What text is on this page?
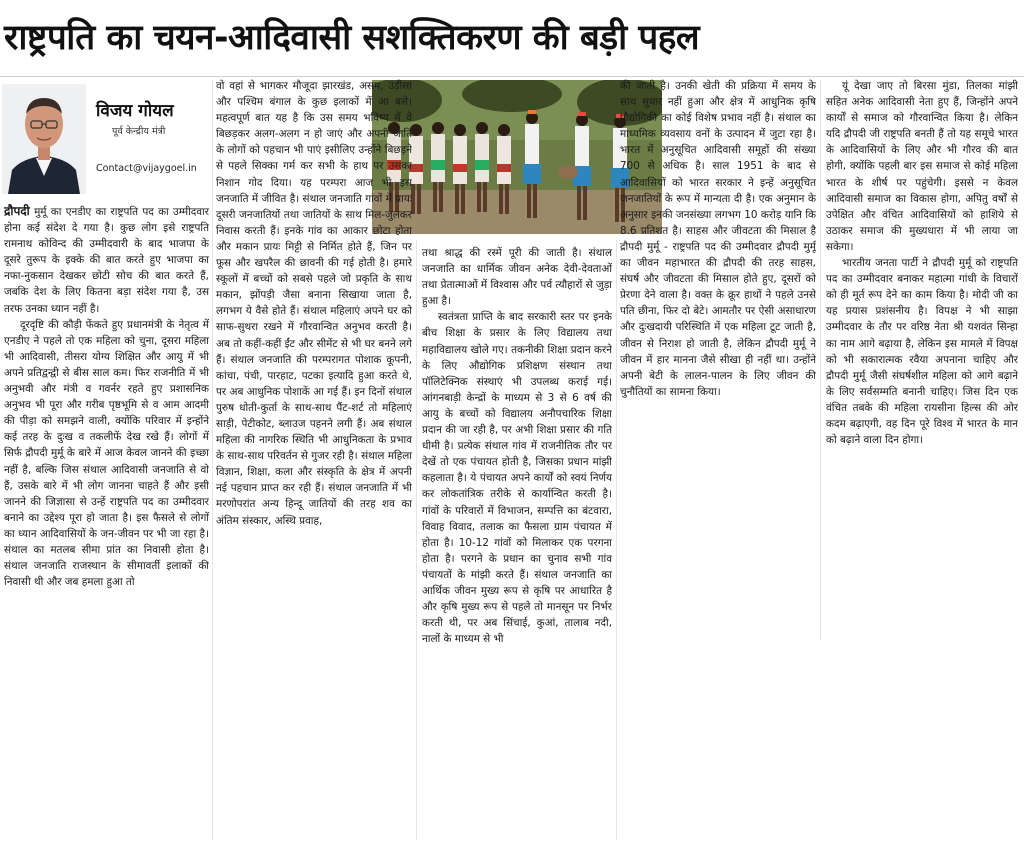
राष्ट्रपति का चयन-आदिवासी सशक्तिकरण की बड़ी पहल
विजय गोयल
पूर्व केन्द्रीय मंत्री
Contact@vijaygoel.in

द्रौपदी मुर्मू का एनडीए का राष्ट्रपति पद का उम्मीदवार होना कई संदेश दे गया है। कुछ लोग इसे राष्ट्रपति रामनाथ कोविन्द की उम्मीदवारी के बाद भाजपा के दूसरे तुरूप के इक्के की बात करते हुए भाजपा का नफा-नुकसान देखकर छोटी सोच की बात करते हैं, जबकि देश के लिए कितना बड़ा संदेश गया है, उस तरफ उनका ध्यान नहीं है।

दूरदृष्टि की कौड़ी फेंकते हुए प्रधानमंत्री के नेतृत्व में एनडीए ने पहले तो एक महिला को चुना, दूसरा महिला भी आदिवासी, तीसरा योग्य शिक्षित और आयु में भी अपने प्रतिद्वन्द्वी से बीस साल कम। फिर राजनीति में भी अनुभवी और मंत्री व गवर्नर रहते हुए प्रशासनिक अनुभव भी पूरा और गरीब पृष्ठभूमि से व आम आदमी की पीड़ा को समझने वाली, क्योंकि परिवार में इन्होंने कई तरह के दुःख व तकलीफें देख रखे हैं। लोगों में सिर्फ द्रौपदी मुर्मू के बारे में आज केवल जानने की इच्छा नहीं है, बल्कि जिस संथाल आदिवासी जनजाति से वो हैं, उसके बारे में भी लोग जानना चाहते हैं और इसी जानने की जिज्ञासा से उन्हें राष्ट्रपति पद का उम्मीदवार बनाने का उद्देश्य पूरा हो जाता है। इस फैसले से लोगों का ध्यान आदिवासियों के जन-जीवन पर भी जा रहा है। संथाल का मतलब सीमा प्रांत का निवासी होता है। संथाल जनजाति राजस्थान के सीमावर्ती इलाकों की निवासी थी और जब हमला हुआ तो

वो वहां से भागकर मौजूदा झारखंड, असम, उड़ीसा और पश्चिम बंगाल के कुछ इलाकों में आ बसे। महत्वपूर्ण बात यह है कि उस समय भविष्य में वे बिछड़कर अलग-अलग न हो जाएं और अपनी जाति के लोगों को पहचान भी पाएं इसीलिए उन्होंने बिछड़ने से पहले सिक्का गर्म कर सभी के हाथ पर उसका निशान गोद दिया। यह परम्परा आज भी इस जनजाति में जीवित है। संथाल जनजाति गांवों में प्रायः दूसरी जनजातियों तथा जातियों के साथ मिल-जुलकर निवास करती हैं। इनके गांव का आकार छोटा होता और मकान प्रायः मिट्टी से निर्मित होते हैं, जिन पर फूस और खपरैल की छावनी की गई होती है। हमारे स्कूलों में बच्चों को सबसे पहले जो प्रकृति के साथ मकान, झोंपड़ी जैसा बनाना सिखाया जाता है, लगभग ये वैसे होते हैं। संथाल महिलाएं अपने घर को साफ-सुथरा रखने में गौरवान्वित अनुभव करती है। अब तो कहीं-कहीं ईंट और सीमेंट से भी घर बनने लगे हैं। संथाल जनजाति की परम्परागत पोशाक कूपनी, कांचा, पंची, पारहाट, पटका इत्यादि हुआ करते थे, पर अब आधुनिक पोशाकें आ गई हैं। इन दिनों संथाल पुरुष धोती-कुर्ता के साथ-साथ पैंट-शर्ट तो महिलाएं साड़ी, पेटीकोट, ब्लाउज पहनने लगी हैं। अब संथाल महिला की नागरिक स्थिति भी आधुनिकता के प्रभाव के साथ-साथ परिवर्तन से गुजर रही है। संथाल महिला विज्ञान, शिक्षा, कला और संस्कृति के क्षेत्र में अपनी नई पहचान प्राप्त कर रही हैं। संथाल जनजाति में भी मरणोपरांत अन्य हिन्दू जातियों की तरह शव का अंतिम संस्कार, अस्थि प्रवाह,

तथा श्राद्ध की रस्में पूरी की जाती है। संथाल जनजाति का धार्मिक जीवन अनेक देवी-देवताओं तथा प्रेतात्माओं में विश्वास और पर्व त्यौहारों से जुड़ा हुआ है।

स्वतंत्रता प्राप्ति के बाद सरकारी स्तर पर इनके बीच शिक्षा के प्रसार के लिए विद्यालय तथा महाविद्यालय खोले गए। तकनीकी शिक्षा प्रदान करने के लिए औद्योगिक प्रशिक्षण संस्थान तथा पॉलिटेक्निक संस्थाएं भी उपलब्ध कराई गई। आंगनबाड़ी केन्द्रों के माध्यम से 3 से 6 वर्ष की आयु के बच्चों को विद्यालय अनौपचारिक शिक्षा प्रदान की जा रही है, पर अभी शिक्षा प्रसार की गति धीमी है। प्रत्येक संथाल गांव में राजनीतिक तौर पर देखें तो एक पंचायत होती है, जिसका प्रधान मांझी कहलाता है। ये पंचायत अपने कार्यों को स्वयं निर्णय कर लोकतांत्रिक तरीके से कार्यान्वित करती है। गांवों के परिवारों में विभाजन, सम्पत्ति का बंटवारा, विवाह विवाद, तलाक का फैसला ग्राम पंचायत में होता है। 10-12 गांवों को मिलाकर एक परगना होता है। परगने के प्रधान का चुनाव सभी गांव पंचायतों के मांझी करते हैं। संथाल जनजाति का आर्थिक जीवन मुख्य रूप से कृषि पर आधारित है और कृषि मुख्य रूप से पहले तो मानसून पर निर्भर करती थी, पर अब सिंचाई, कुआं, तालाब नदी, नालों के माध्यम से भी

की जाती है। उनकी खेती की प्रक्रिया में समय के साथ सुधार नहीं हुआ और क्षेत्र में आधुनिक कृषि प्रौद्योगिकी का कोई विशेष प्रभाव नहीं है। संथाल का माध्यमिक व्यवसाय वनों के उत्पादन में जुटा रहा है। भारत में अनुसूचित आदिवासी समूहों की संख्या 700 से अधिक है। साल 1951 के बाद से आदिवासियों को भारत सरकार ने इन्हें अनुसूचित जनजातियों के रूप में मान्यता दी है। एक अनुमान के अनुसार इनकी जनसंख्या लगभग 10 करोड़ यानि कि 8.6 प्रतिशत है। साहस और जीवटता की मिसाल है द्रौपदी मुर्मू - राष्ट्रपति पद की उम्मीदवार द्रौपदी मुर्मू का जीवन महाभारत की द्रौपदी की तरह साहस, संघर्ष और जीवटता की मिसाल होते हुए, दूसरों को प्रेरणा देने वाला है। वक्त के क्रूर हाथों ने पहले उनसे पति छीना, फिर दो बेटे। आमतौर पर ऐसी असाधारण और दुःखदायी परिस्थिति में एक महिला टूट जाती है, जीवन से निराश हो जाती है, लेकिन द्रौपदी मुर्मू ने जीवन में हार मानना जैसे सीखा ही नहीं था। उन्होंने अपनी बेटी के लालन-पालन के लिए जीवन की चुनौतियों का सामना किया।

यूं देखा जाए तो बिरसा मुंडा, तिलका मांझी सहित अनेक आदिवासी नेता हुए हैं, जिन्होंने अपने कार्यों से समाज को गौरवान्वित किया है। लेकिन यदि द्रौपदी जी राष्ट्रपति बनती हैं तो यह समूचे भारत के आदिवासियों के लिए और भी गौरव की बात होगी, क्योंकि पहली बार इस समाज से कोई महिला भारत के शीर्ष पर पहुंचेगी। इससे न केवल आदिवासी समाज का विकास होगा, अपितु वर्षों से उपेक्षित और वंचित आदिवासियों को हाशिये से उठाकर समाज की मुख्यधारा में भी लाया जा सकेगा।

भारतीय जनता पार्टी ने द्रौपदी मुर्मू को राष्ट्रपति पद का उम्मीदवार बनाकर महात्मा गांधी के विचारों को ही मूर्त रूप देने का काम किया है। मोदी जी का यह प्रयास प्रशंसनीय है। विपक्ष ने भी साझा उम्मीदवार के तौर पर वरिष्ठ नेता श्री यशवंत सिन्हा का नाम आगे बढ़ाया है, लेकिन इस मामले में विपक्ष को भी सकारात्मक रवैया अपनाना चाहिए और द्रौपदी मुर्मू जैसी संघर्षशील महिला को आगे बढ़ाने के लिए सर्वसम्मति बनानी चाहिए। जिस दिन एक वंचित तबके की महिला रायसीना हिल्स की ओर कदम बढ़ाएगी, वह दिन पूरे विश्व में भारत के मान को बढ़ाने वाला दिन होगा।
